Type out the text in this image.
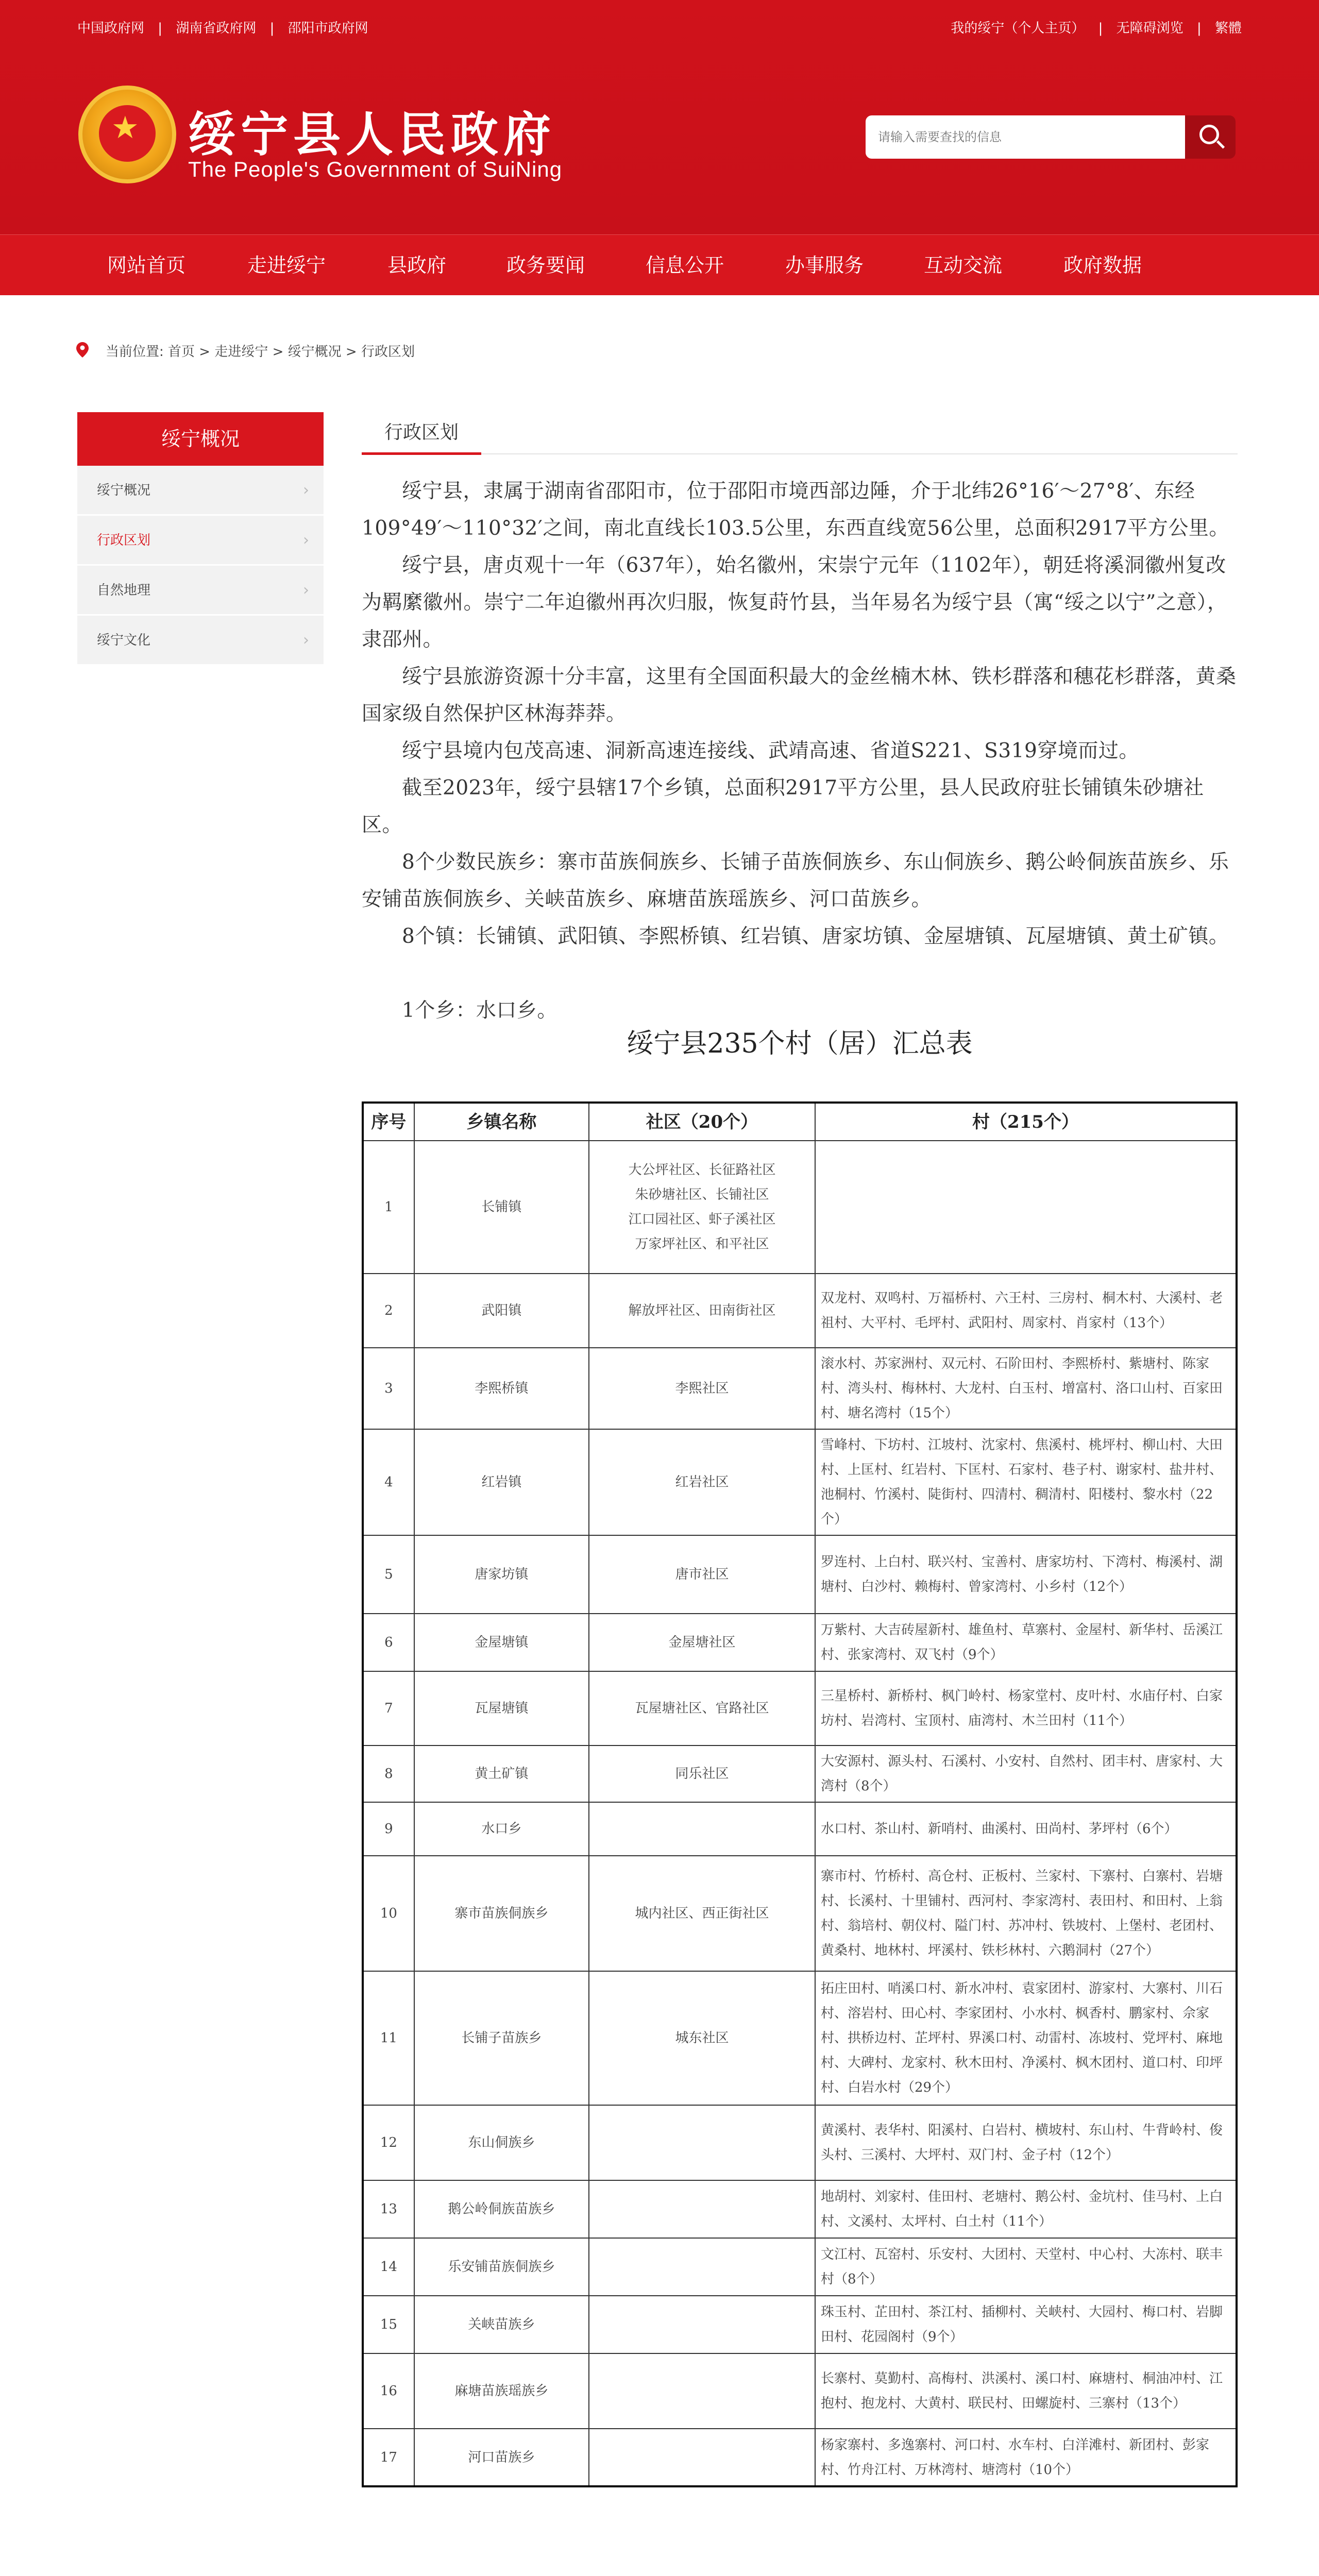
中国政府网 | 湖南省政府网 | 邵阳市政府网	我的绥宁（个人主页） | 无障碍浏览 | 繁體
★ 绥宁县人民政府
The People's Government of SuiNing
请输入需要查找的信息
网站首页	走进绥宁	县政府	政务要闻	信息公开	办事服务	互动交流	政府数据
当前位置: 首页 > 走进绥宁 > 绥宁概况 > 行政区划
绥宁概况
绥宁概况	›
行政区划	›
自然地理	›
绥宁文化	›
行政区划
绥宁县，隶属于湖南省邵阳市，位于邵阳市境西部边陲，介于北纬26°16′～27°8′、东经109°49′～110°32′之间，南北直线长103.5公里，东西直线宽56公里，总面积2917平方公里。
绥宁县，唐贞观十一年（637年），始名徽州，宋崇宁元年（1102年），朝廷将溪洞徽州复改为羁縻徽州。崇宁二年迫徽州再次归服，恢复莳竹县，当年易名为绥宁县（寓“绥之以宁”之意），隶邵州。
绥宁县旅游资源十分丰富，这里有全国面积最大的金丝楠木林、铁杉群落和穗花杉群落，黄桑国家级自然保护区林海莽莽。
绥宁县境内包茂高速、洞新高速连接线、武靖高速、省道S221、S319穿境而过。
截至2023年，绥宁县辖17个乡镇，总面积2917平方公里，县人民政府驻长铺镇朱砂塘社区。
8个少数民族乡：寨市苗族侗族乡、长铺子苗族侗族乡、东山侗族乡、鹅公岭侗族苗族乡、乐安铺苗族侗族乡、关峡苗族乡、麻塘苗族瑶族乡、河口苗族乡。
8个镇：长铺镇、武阳镇、李熙桥镇、红岩镇、唐家坊镇、金屋塘镇、瓦屋塘镇、黄土矿镇。
1个乡：水口乡。
绥宁县235个村（居）汇总表
序号	乡镇名称	社区（20个）	村（215个）
1	长铺镇	大公坪社区、长征路社区
朱砂塘社区、长铺社区
江口园社区、虾子溪社区
万家坪社区、和平社区	
2	武阳镇	解放坪社区、田南街社区	双龙村、双鸣村、万福桥村、六王村、三房村、桐木村、大溪村、老祖村、大平村、毛坪村、武阳村、周家村、肖家村（13个）
3	李熙桥镇	李熙社区	滚水村、苏家洲村、双元村、石阶田村、李熙桥村、紫塘村、陈家村、湾头村、梅林村、大龙村、白玉村、增富村、洛口山村、百家田村、塘名湾村（15个）
4	红岩镇	红岩社区	雪峰村、下坊村、江坡村、沈家村、焦溪村、桃坪村、柳山村、大田村、上匡村、红岩村、下匡村、石家村、巷子村、谢家村、盐井村、池桐村、竹溪村、陡街村、四清村、稠清村、阳楼村、黎水村（22个）
5	唐家坊镇	唐市社区	罗连村、上白村、联兴村、宝善村、唐家坊村、下湾村、梅溪村、湖塘村、白沙村、赖梅村、曾家湾村、小乡村（12个）
6	金屋塘镇	金屋塘社区	万紫村、大吉砖屋新村、雄鱼村、草寨村、金屋村、新华村、岳溪江村、张家湾村、双飞村（9个）
7	瓦屋塘镇	瓦屋塘社区、官路社区	三星桥村、新桥村、枫门岭村、杨家堂村、皮叶村、水庙仔村、白家坊村、岩湾村、宝顶村、庙湾村、木兰田村（11个）
8	黄土矿镇	同乐社区	大安源村、源头村、石溪村、小安村、自然村、团丰村、唐家村、大湾村（8个）
9	水口乡		水口村、茶山村、新哨村、曲溪村、田尚村、茅坪村（6个）
10	寨市苗族侗族乡	城内社区、西正街社区	寨市村、竹桥村、高仓村、正板村、兰家村、下寨村、白寨村、岩塘村、长溪村、十里铺村、西河村、李家湾村、表田村、和田村、上翁村、翁培村、朝仪村、隘门村、苏冲村、铁坡村、上堡村、老团村、黄桑村、地林村、坪溪村、铁杉林村、六鹅洞村（27个）
11	长铺子苗族乡	城东社区	拓庄田村、哨溪口村、新水冲村、袁家团村、游家村、大寨村、川石村、溶岩村、田心村、李家团村、小水村、枫香村、鹏家村、佘家村、拱桥边村、芷坪村、界溪口村、动雷村、冻坡村、党坪村、麻地村、大碑村、龙家村、秋木田村、净溪村、枫木团村、道口村、印坪村、白岩水村（29个）
12	东山侗族乡		黄溪村、表华村、阳溪村、白岩村、横坡村、东山村、牛背岭村、俊头村、三溪村、大坪村、双门村、金子村（12个）
13	鹅公岭侗族苗族乡		地胡村、刘家村、佳田村、老塘村、鹅公村、金坑村、佳马村、上白村、文溪村、太坪村、白土村（11个）
14	乐安铺苗族侗族乡		文江村、瓦窑村、乐安村、大团村、天堂村、中心村、大冻村、联丰村（8个）
15	关峡苗族乡		珠玉村、芷田村、茶江村、插柳村、关峡村、大园村、梅口村、岩脚田村、花园阁村（9个）
16	麻塘苗族瑶族乡		长寨村、莫勤村、高梅村、洪溪村、溪口村、麻塘村、桐油冲村、江抱村、抱龙村、大黄村、联民村、田螺旋村、三寨村（13个）
17	河口苗族乡		杨家寨村、多逸寨村、河口村、水车村、白洋滩村、新团村、彭家村、竹舟江村、万林湾村、塘湾村（10个）
